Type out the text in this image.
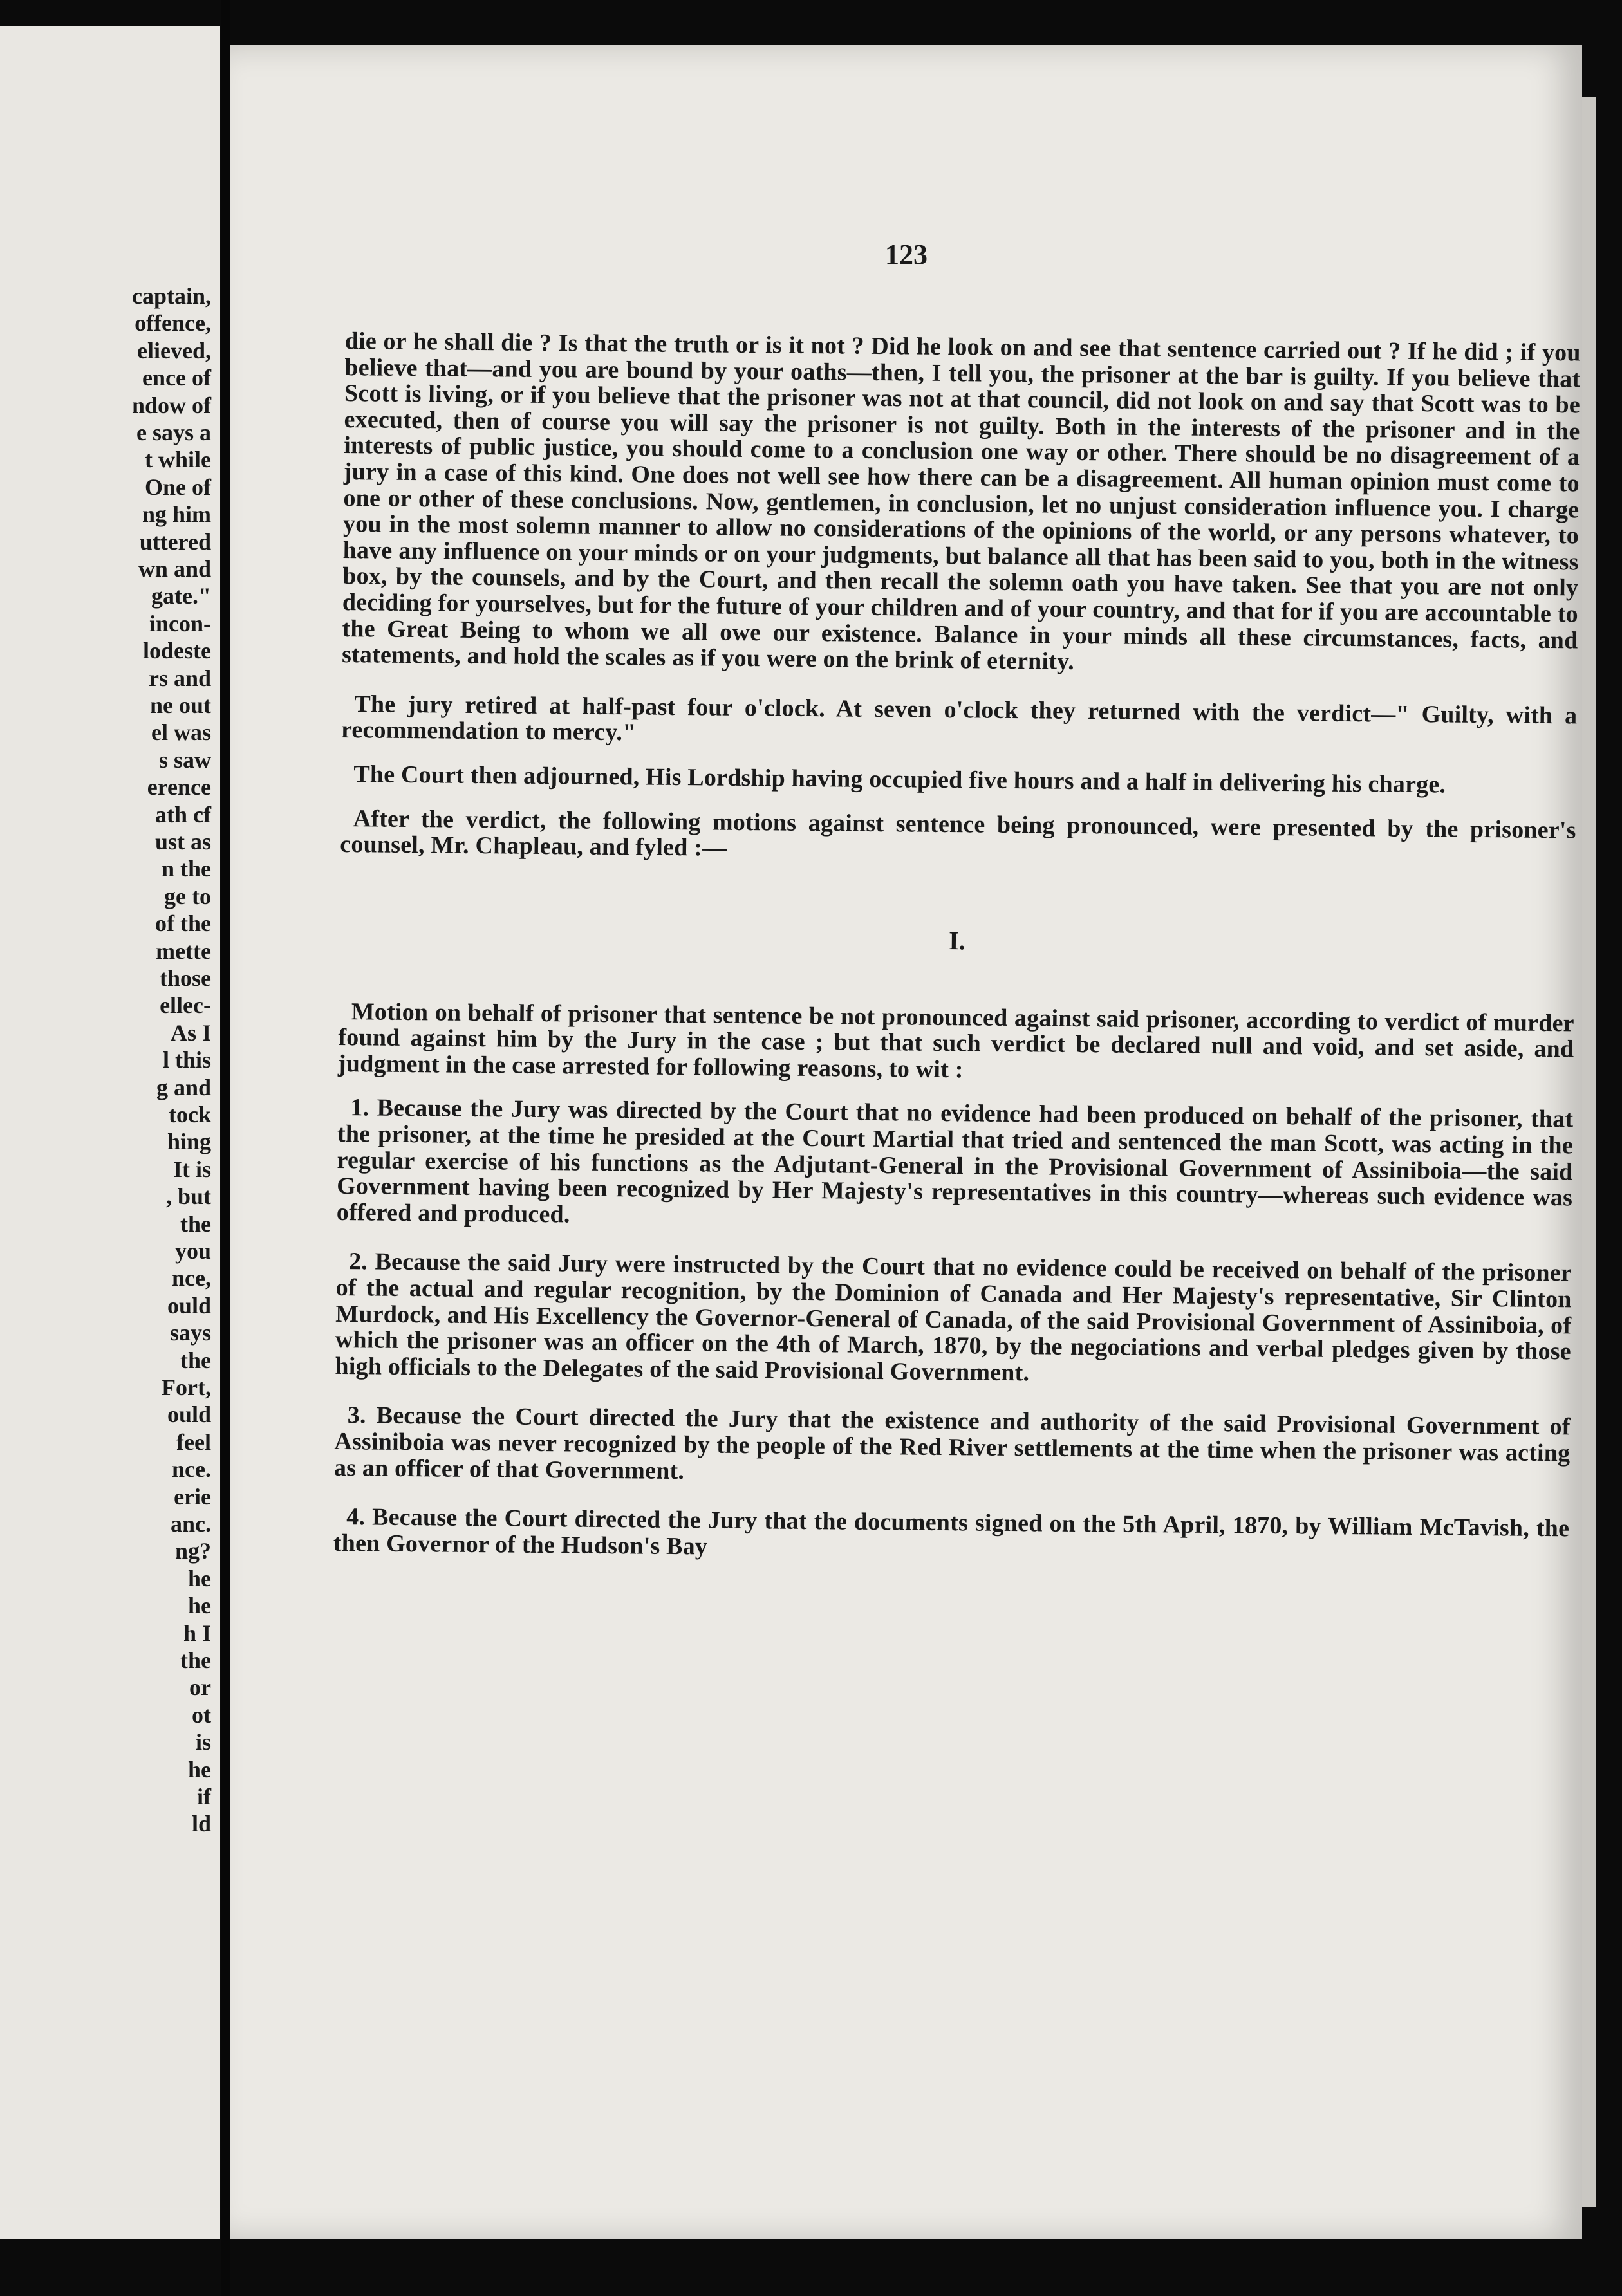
captain,

offence,

elieved,

ence of

ndow of

e says a

t while

One of

ng him

uttered

wn and

gate."

incon-

lodeste

rs and

ne out

el was

s saw

erence

ath cf

ust as

n the

ge to

of the

mette

those

ellec-

As I

l this

g and

tock

hing

It is

, but

the

you

nce,

ould

says

the

Fort,

ould

feel

nce.

erie

anc.

ng?

he

he

h I

the

or

ot

is

he

if

ld

123

die or he shall die ? Is that the truth or is it not ? Did he look on and see that sentence carried out ? If he did ; if you believe that—and you are bound by your oaths—then, I tell you, the prisoner at the bar is guilty. If you believe that Scott is living, or if you believe that the prisoner was not at that council, did not look on and say that Scott was to be executed, then of course you will say the prisoner is not guilty. Both in the interests of the prisoner and in the interests of public justice, you should come to a conclusion one way or other. There should be no disagreement of a jury in a case of this kind. One does not well see how there can be a disagreement. All human opinion must come to one or other of these conclusions. Now, gentlemen, in conclusion, let no unjust consideration influence you. I charge you in the most solemn manner to allow no considerations of the opinions of the world, or any persons whatever, to have any influence on your minds or on your judgments, but balance all that has been said to you, both in the witness box, by the counsels, and by the Court, and then recall the solemn oath you have taken. See that you are not only deciding for yourselves, but for the future of your children and of your country, and that for if you are accountable to the Great Being to whom we all owe our existence. Balance in your minds all these circumstances, facts, and statements, and hold the scales as if you were on the brink of eternity.

The jury retired at half-past four o'clock. At seven o'clock they returned with the verdict—" Guilty, with a recommendation to mercy."

The Court then adjourned, His Lordship having occupied five hours and a half in delivering his charge.

After the verdict, the following motions against sentence being pronounced, were presented by the prisoner's counsel, Mr. Chapleau, and fyled :—

I.

Motion on behalf of prisoner that sentence be not pronounced against said prisoner, according to verdict of murder found against him by the Jury in the case ; but that such verdict be declared null and void, and set aside, and judgment in the case arrested for following reasons, to wit :

1. Because the Jury was directed by the Court that no evidence had been produced on behalf of the prisoner, that the prisoner, at the time he presided at the Court Martial that tried and sentenced the man Scott, was acting in the regular exercise of his functions as the Adjutant-General in the Provisional Government of Assiniboia—the said Government having been recognized by Her Majesty's representatives in this country—whereas such evidence was offered and produced.

2. Because the said Jury were instructed by the Court that no evidence could be received on behalf of the prisoner of the actual and regular recognition, by the Dominion of Canada and Her Majesty's representative, Sir Clinton Murdock, and His Excellency the Governor-General of Canada, of the said Provisional Government of Assiniboia, of which the prisoner was an officer on the 4th of March, 1870, by the negociations and verbal pledges given by those high officials to the Delegates of the said Provisional Government.

3. Because the Court directed the Jury that the existence and authority of the said Provisional Government of Assiniboia was never recognized by the people of the Red River settlements at the time when the prisoner was acting as an officer of that Government.

4. Because the Court directed the Jury that the documents signed on the 5th April, 1870, by William McTavish, the then Governor of the Hudson's Bay
